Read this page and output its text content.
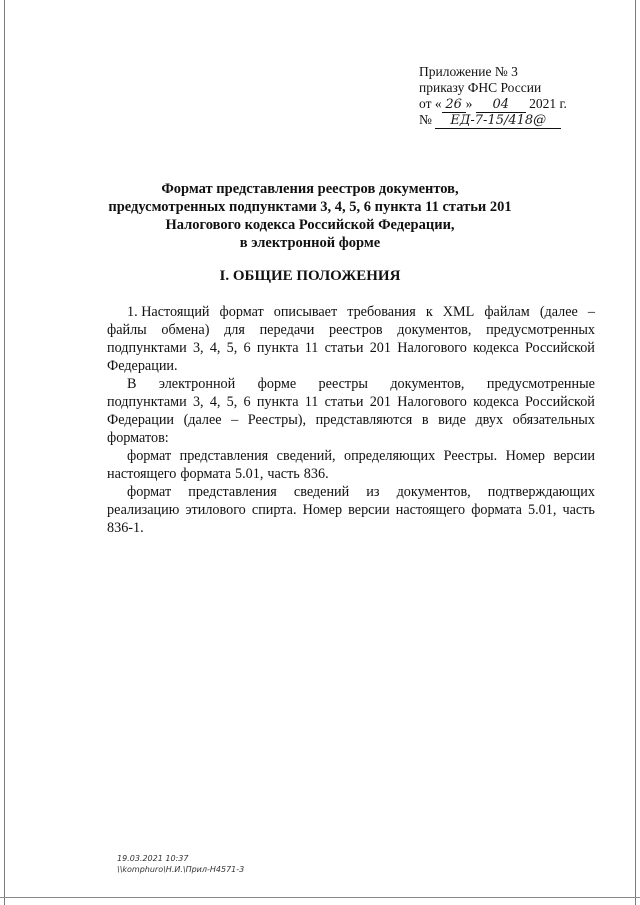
Приложение № 3
приказу ФНС России
от « 26 » 04 2021 г.
№ ЕД-7-15/418@
Формат представления реестров документов,
предусмотренных подпунктами 3, 4, 5, 6 пункта 11 статьи 201
Налогового кодекса Российской Федерации,
в электронной форме
I. ОБЩИЕ ПОЛОЖЕНИЯ
1. Настоящий формат описывает требования к XML файлам (далее –
файлы обмена) для передачи реестров документов, предусмотренных
подпунктами 3, 4, 5, 6 пункта 11 статьи 201 Налогового кодекса Российской
Федерации.
В электронной форме реестры документов, предусмотренные
подпунктами 3, 4, 5, 6 пункта 11 статьи 201 Налогового кодекса Российской
Федерации (далее – Реестры), представляются в виде двух обязательных
форматов:
формат представления сведений, определяющих Реестры. Номер версии
настоящего формата 5.01, часть 836.
формат представления сведений из документов, подтверждающих
реализацию этилового спирта. Номер версии настоящего формата 5.01, часть
836-1.
19.03.2021 10:37
\\komphuro\Н.И.\Прил-Н4571-3
